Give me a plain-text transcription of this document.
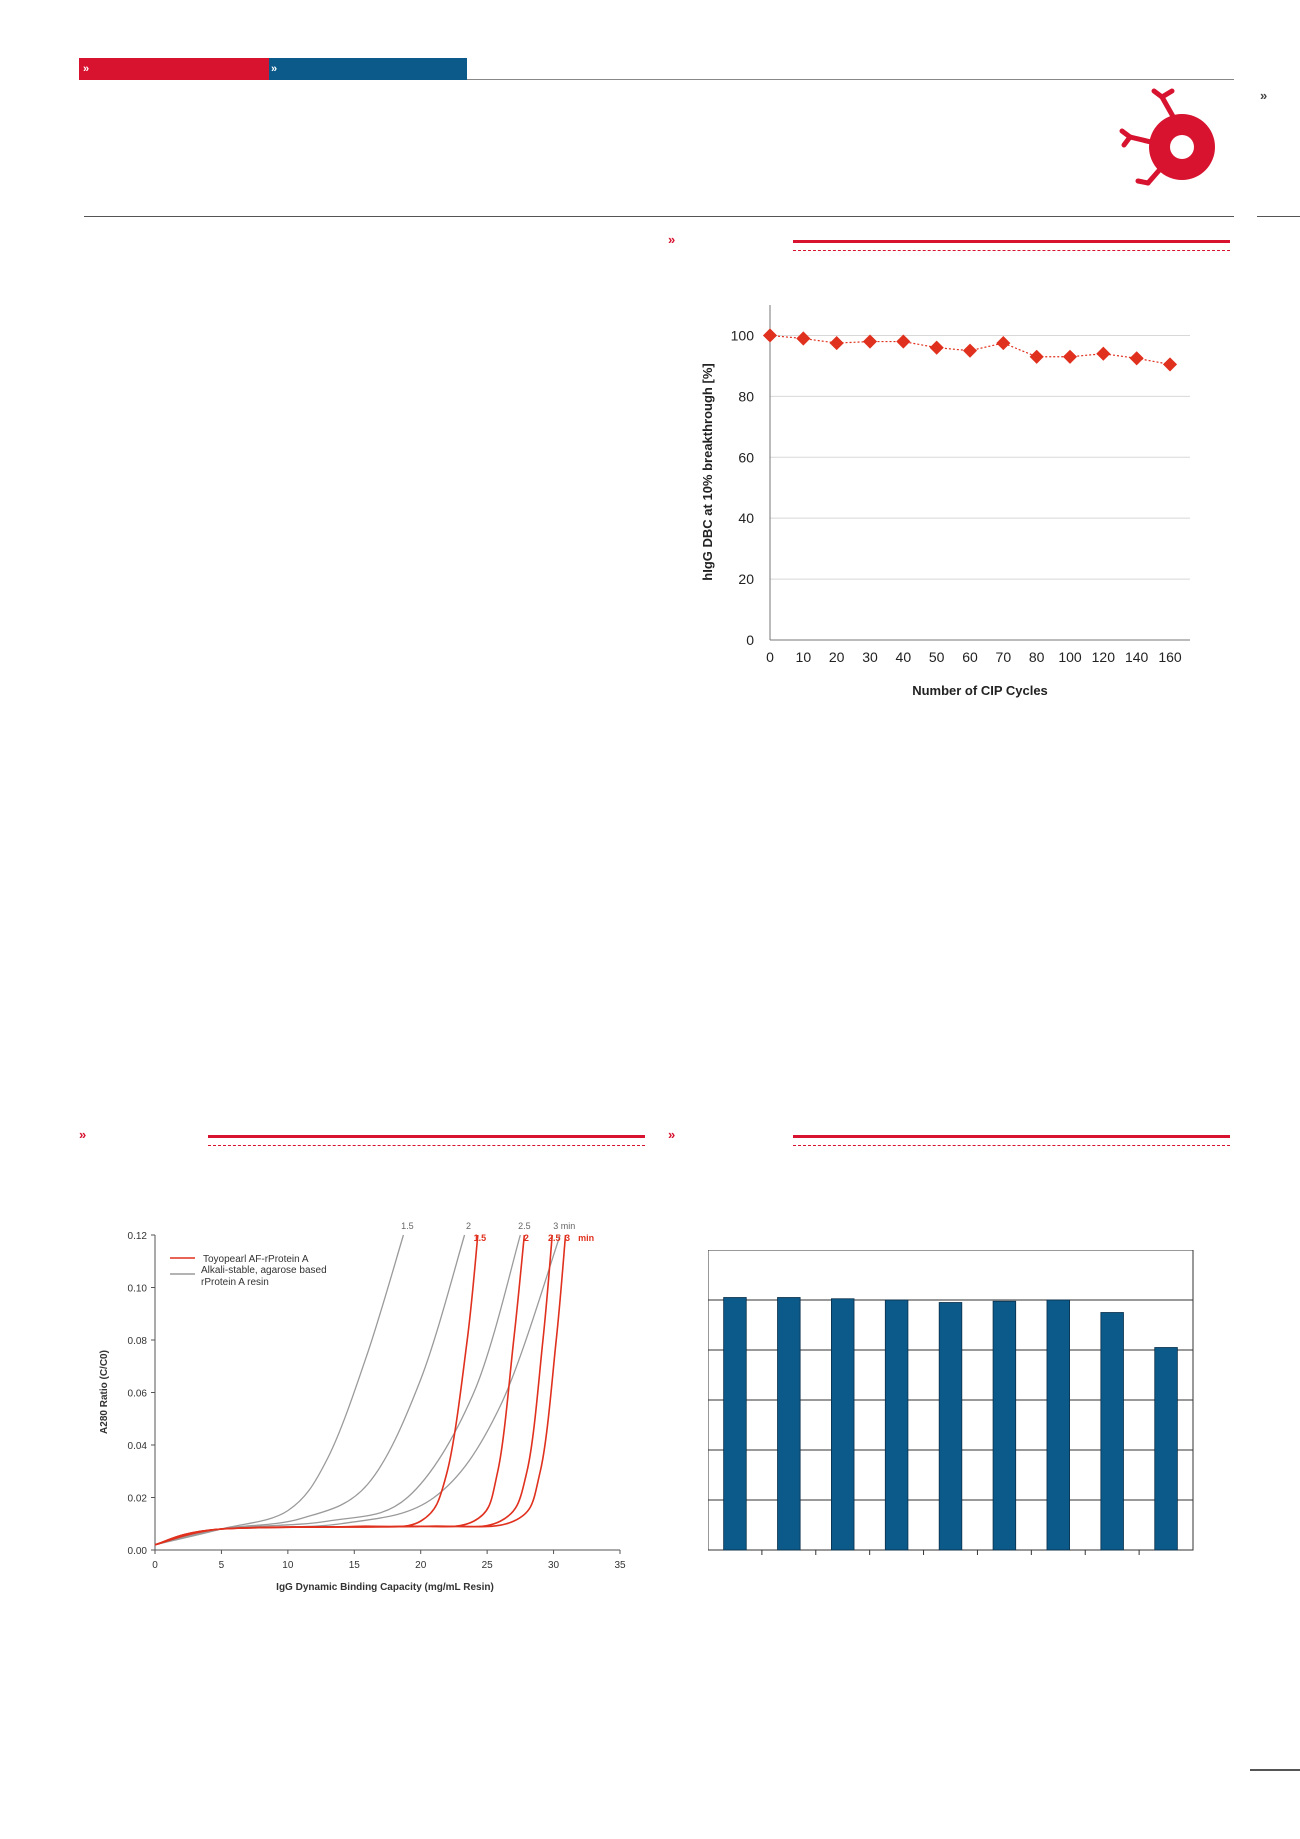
»	»
»
»
»	»
0
20
40
60
80
100
0 10 20 30 40 50 60 70 80 100 120 140 160
Number of CIP Cycles
hIgG DBC at 10% breakthrough [%]
0.00
0.02
0.04
0.06
0.08
0.10
0.12
0	5	10	15	20	25	30	35
1.5	2	2.5	3 min
1.5	2 2.5 3 min
Toyopearl AF-rProtein A
Alkali-stable, agarose based rProtein A resin
IgG Dynamic Binding Capacity (mg/mL Resin)
A280 Ratio (C/C0)
